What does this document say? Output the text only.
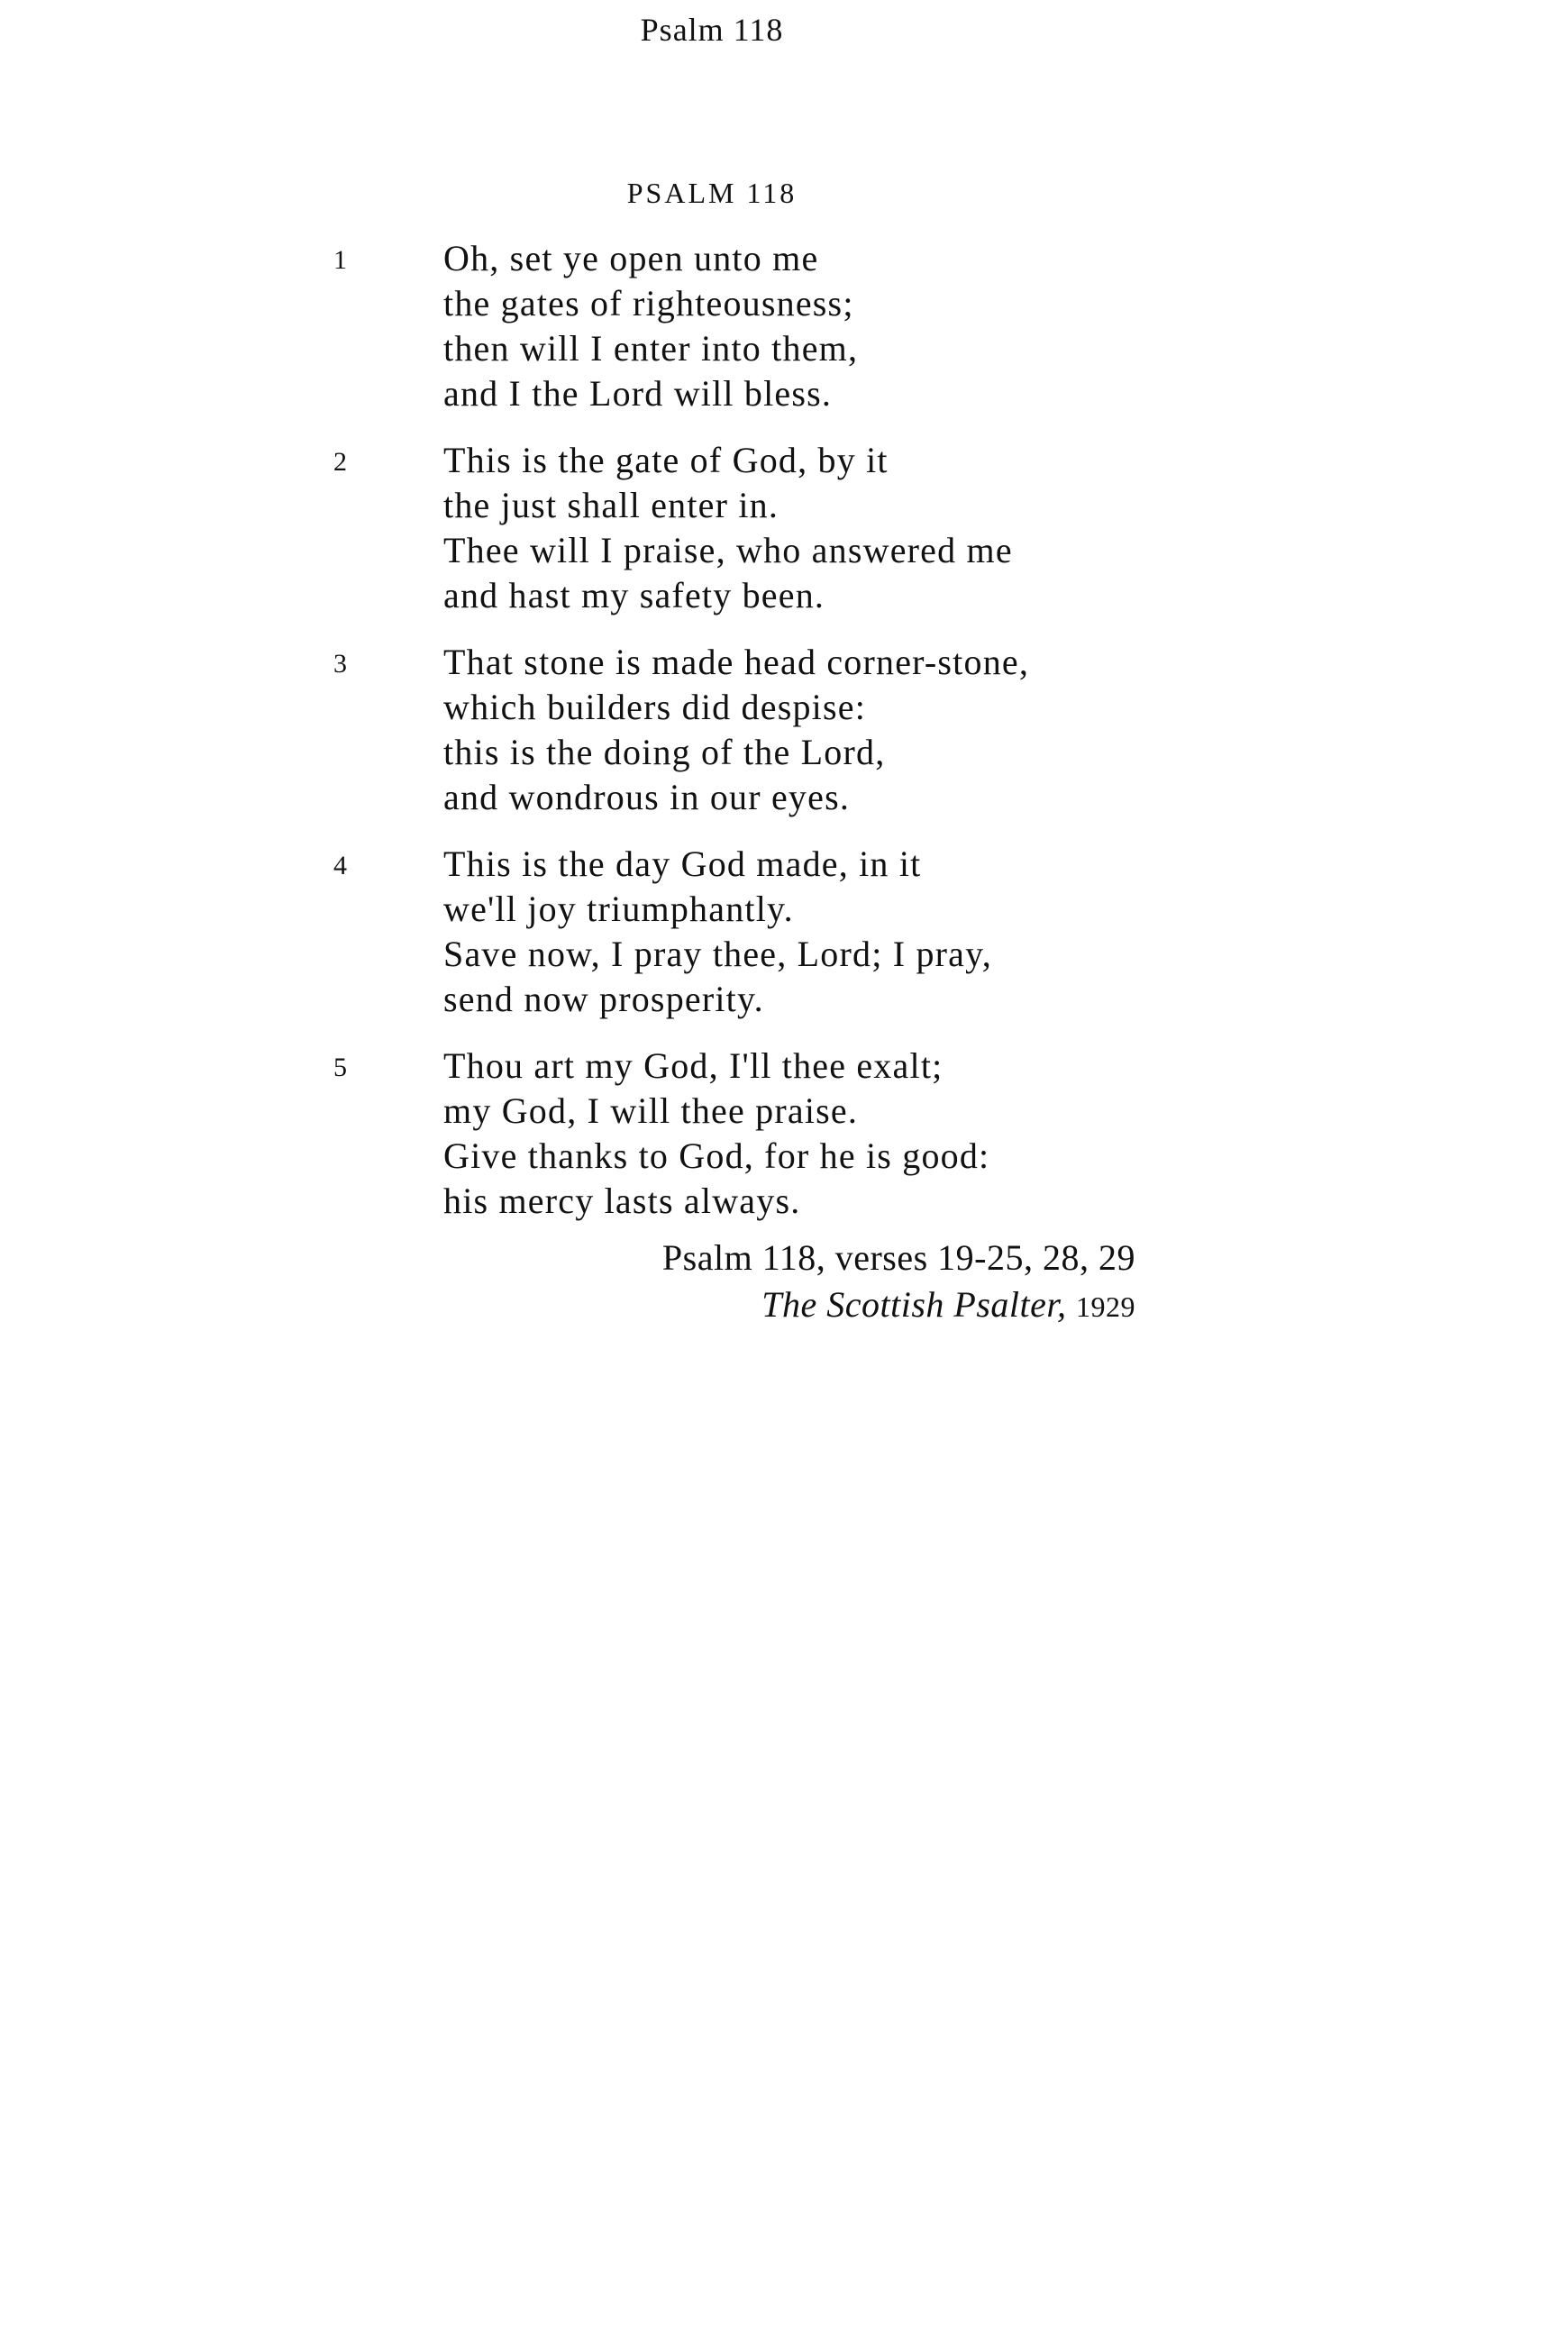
Psalm 118
PSALM 118
1	Oh, set ye open unto me
the gates of righteousness;
then will I enter into them,
and I the Lord will bless.
2	This is the gate of God, by it
the just shall enter in.
Thee will I praise, who answered me
and hast my safety been.
3	That stone is made head corner-stone,
which builders did despise:
this is the doing of the Lord,
and wondrous in our eyes.
4	This is the day God made, in it
we'll joy triumphantly.
Save now, I pray thee, Lord; I pray,
send now prosperity.
5	Thou art my God, I'll thee exalt;
my God, I will thee praise.
Give thanks to God, for he is good:
his mercy lasts always.
Psalm 118, verses 19-25, 28, 29
The Scottish Psalter, 1929
